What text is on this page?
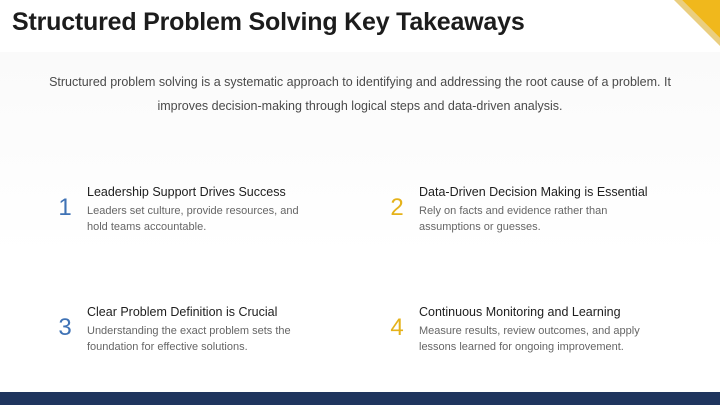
Structured Problem Solving Key Takeaways
Structured problem solving is a systematic approach to identifying and addressing the root cause of a problem. It improves decision-making through logical steps and data-driven analysis.
1
Leadership Support Drives Success
Leaders set culture, provide resources, and hold teams accountable.
2
Data-Driven Decision Making is Essential
Rely on facts and evidence rather than assumptions or guesses.
3
Clear Problem Definition is Crucial
Understanding the exact problem sets the foundation for effective solutions.
4
Continuous Monitoring and Learning
Measure results, review outcomes, and apply lessons learned for ongoing improvement.
